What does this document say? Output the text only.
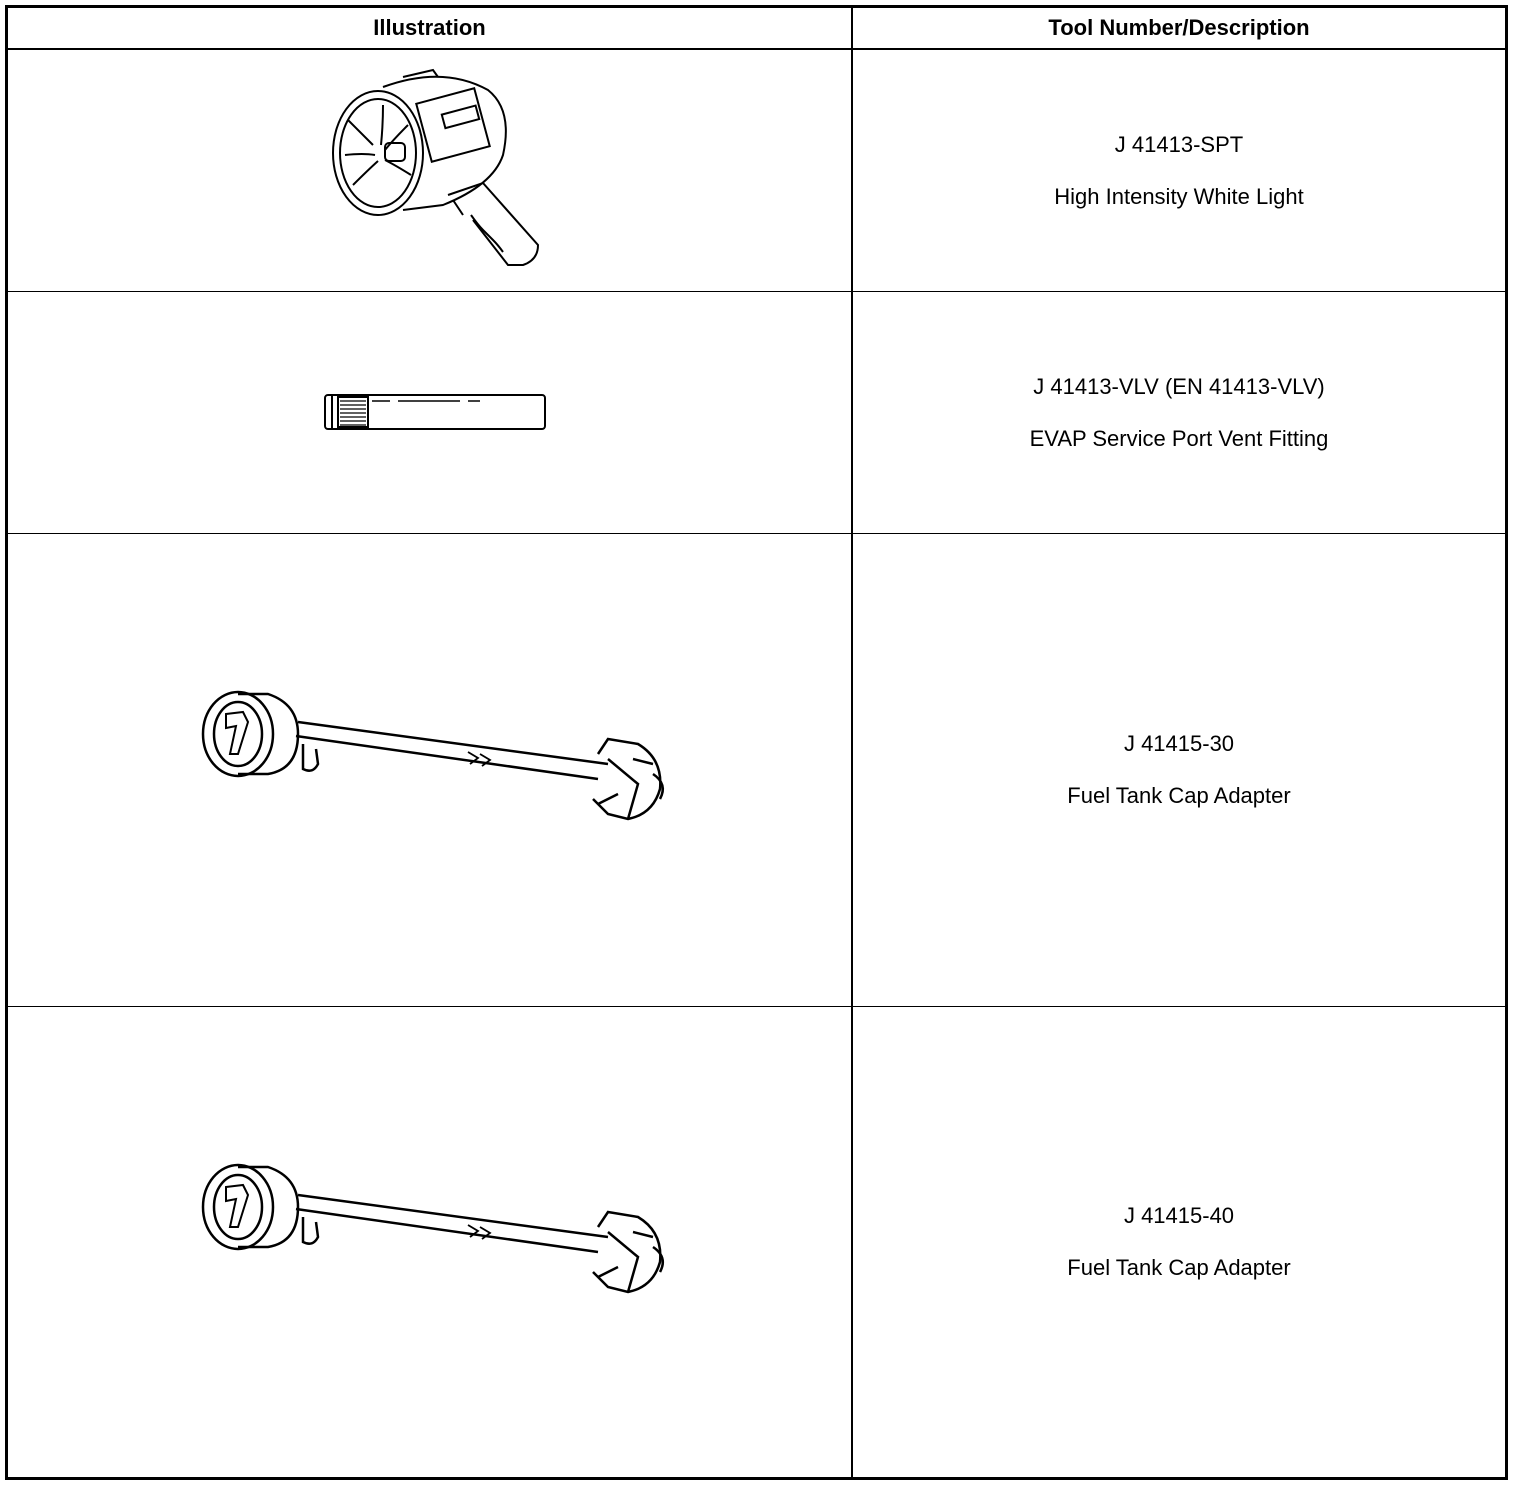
Illustration	Tool Number/Description
J 41413-SPT
High Intensity White Light
J 41413-VLV (EN 41413-VLV)
EVAP Service Port Vent Fitting
J 41415-30
Fuel Tank Cap Adapter
J 41415-40
Fuel Tank Cap Adapter
